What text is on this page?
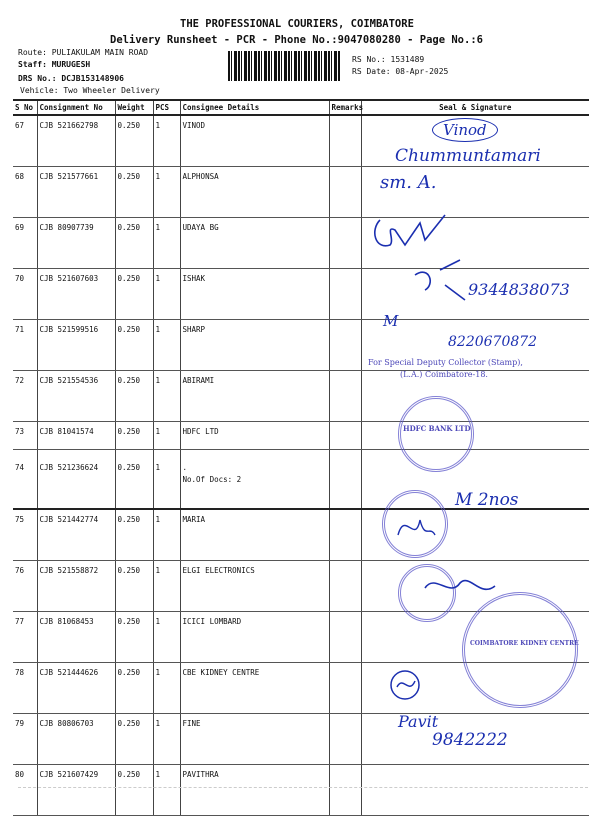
THE PROFESSIONAL COURIERS, COIMBATORE
Delivery Runsheet - PCR - Phone No.:9047080280 - Page No.:6
Route: PULIAKULAM MAIN ROAD
Staff: MURUGESH
DRS No.: DCJB153148906
Vehicle: Two Wheeler Delivery
RS No.: 1531489
RS Date: 08-Apr-2025
S No	Consignment No	Weight	PCS	Consignee Details	Remarks	Seal & Signature
67	CJB 521662798	0.250	1	VINOD		
68	CJB 521577661	0.250	1	ALPHONSA		
69	CJB 80907739	0.250	1	UDAYA BG		
70	CJB 521607603	0.250	1	ISHAK		
71	CJB 521599516	0.250	1	SHARP		
72	CJB 521554536	0.250	1	ABIRAMI		
73	CJB 81041574	0.250	1	HDFC LTD		
74	CJB 521236624	0.250	1	.
No.Of Docs: 2		

75	CJB 521442774	0.250	1	MARIA		
76	CJB 521558872	0.250	1	ELGI ELECTRONICS		
77	CJB 81068453	0.250	1	ICICI LOMBARD		
78	CJB 521444626	0.250	1	CBE KIDNEY CENTRE		
79	CJB 80806703	0.250	1	FINE		
80	CJB 521607429	0.250	1	PAVITHRA		
Vinod
Chummuntamari
sm. A.
9344838073
M
8220670872
For Special Deputy Collector (Stamp),
(L.A.) Coimbatore-18.
HDFC BANK LTD
M 2nos
COIMBATORE KIDNEY CENTRE
Pavit
9842222
